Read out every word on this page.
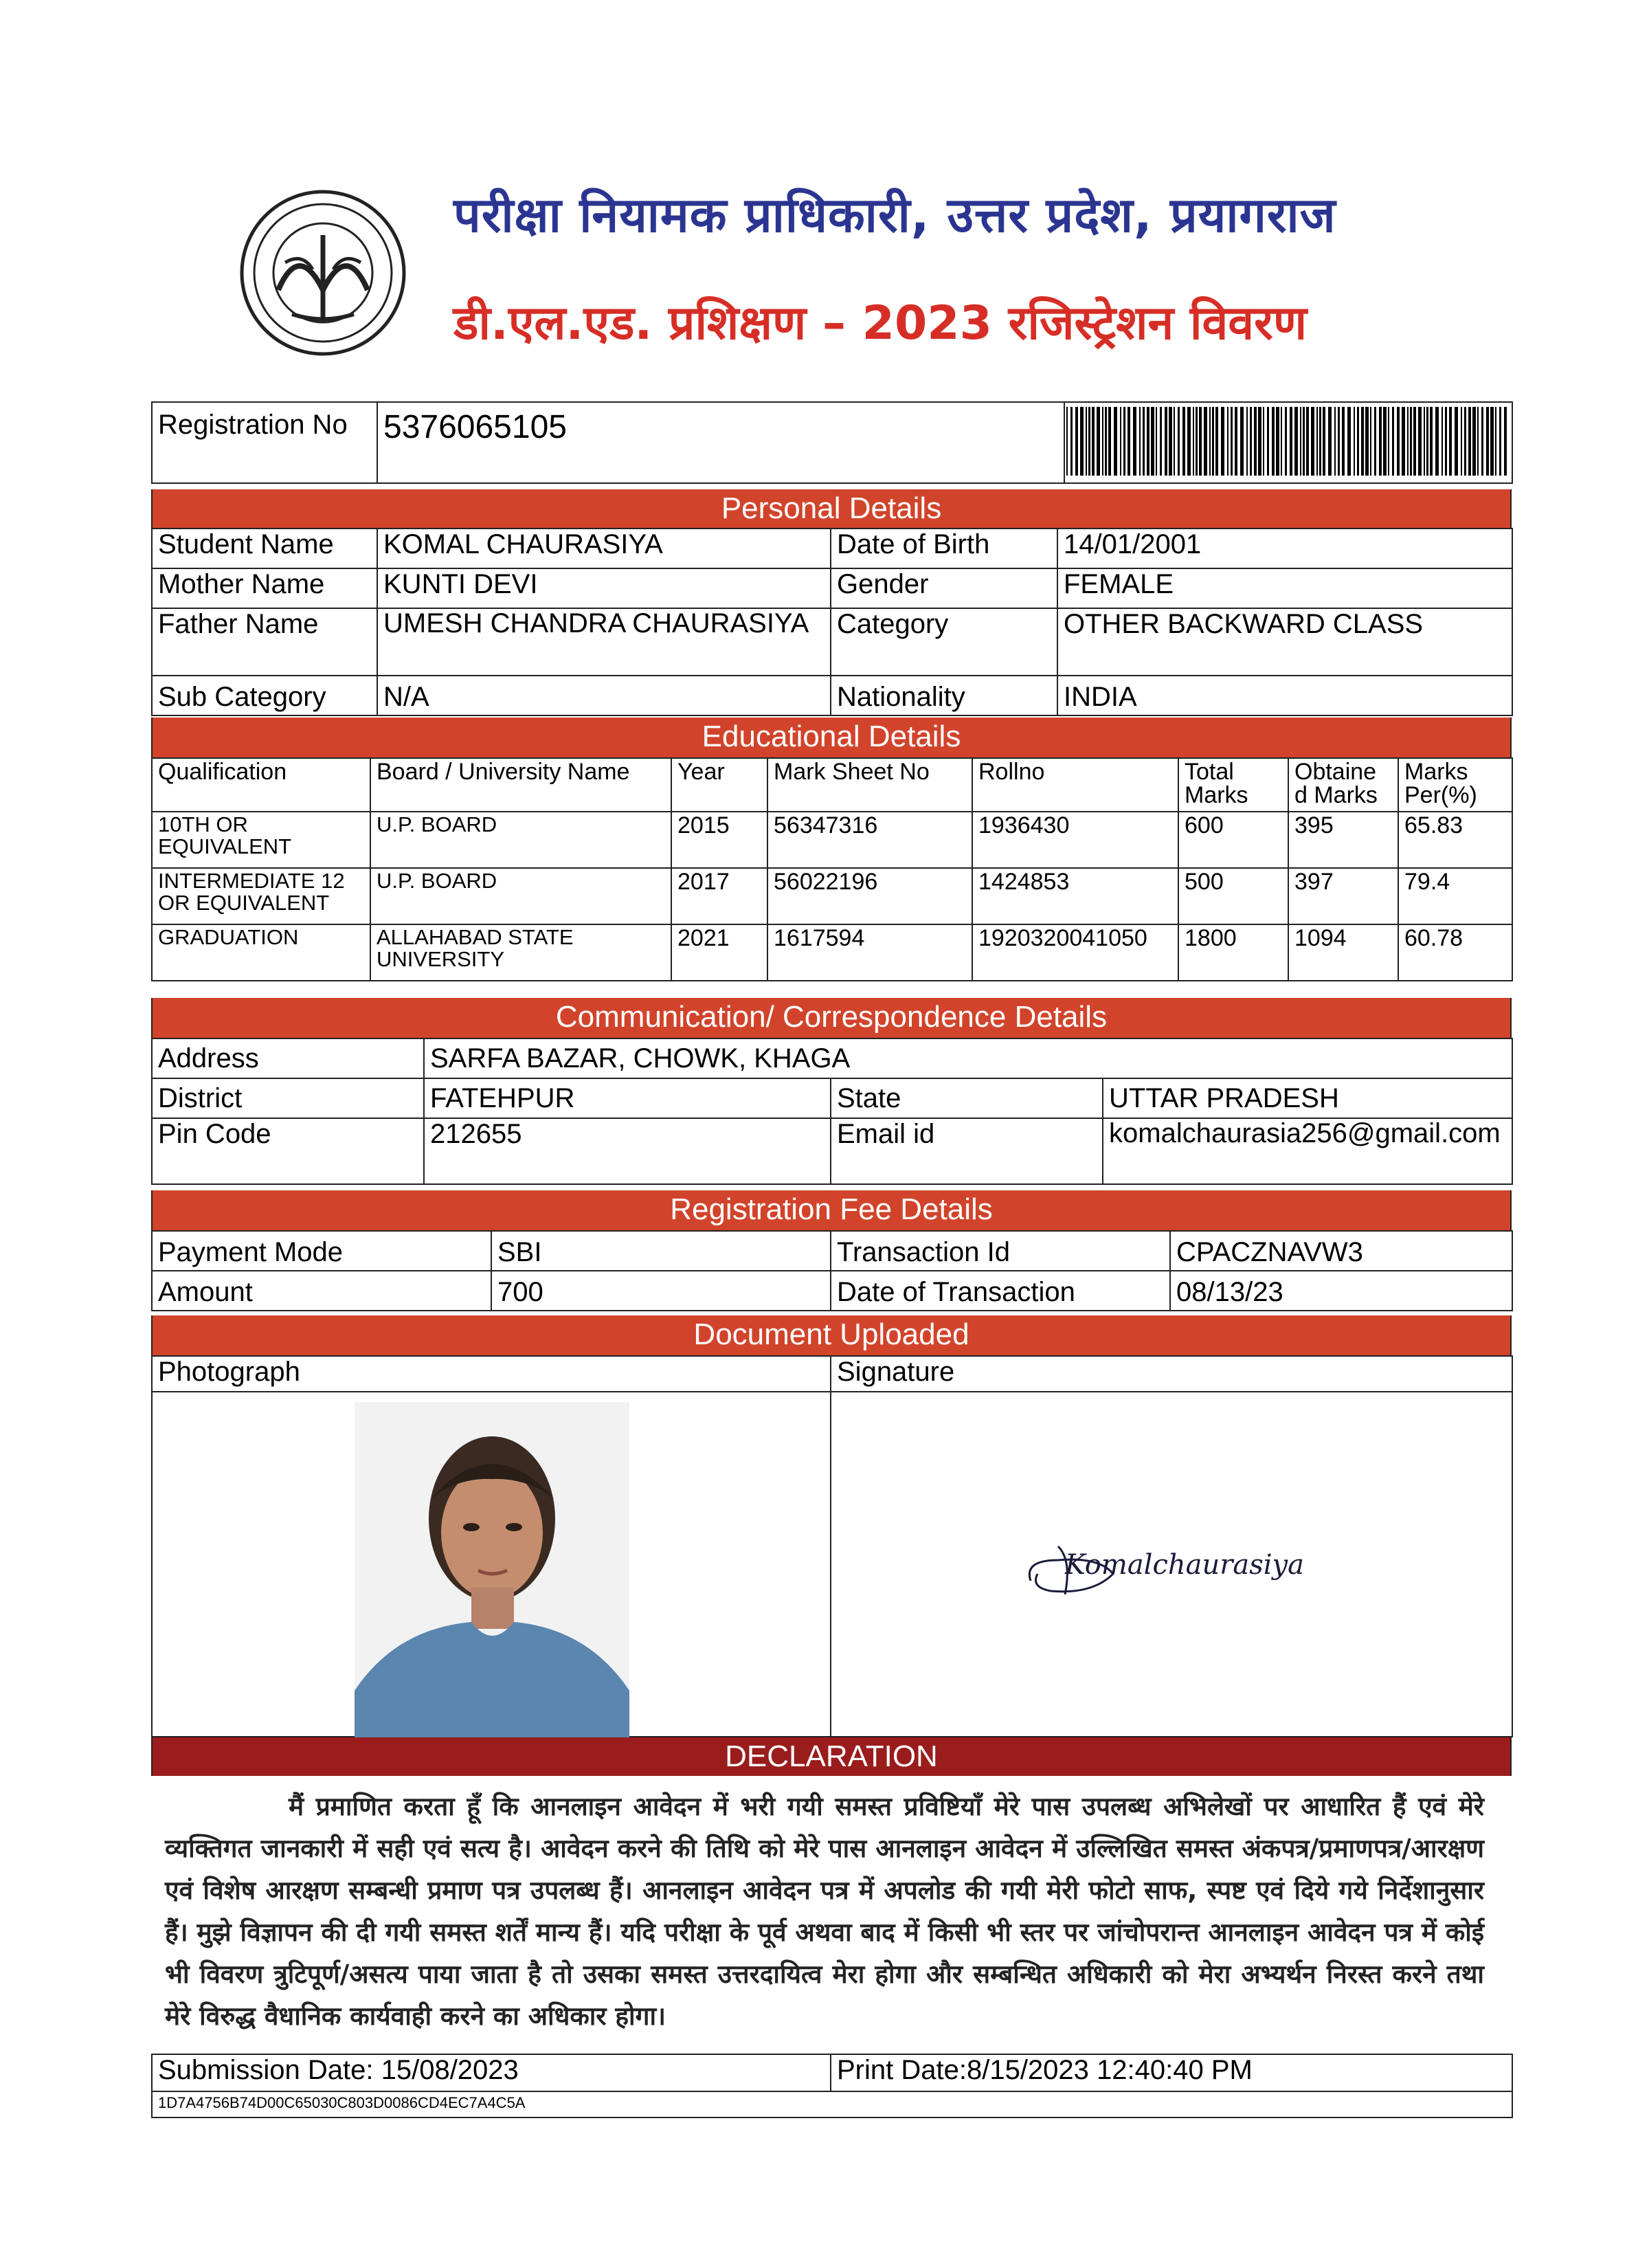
परीक्षा नियामक प्राधिकारी, उत्तर प्रदेश, प्रयागराज
डी.एल.एड. प्रशिक्षण – 2023 रजिस्ट्रेशन विवरण
Registration No	5376065105	
Personal Details
Student Name	KOMAL CHAURASIYA	Date of Birth	14/01/2001
Mother Name	KUNTI DEVI	Gender	FEMALE
Father Name	UMESH CHANDRA CHAURASIYA	Category	OTHER BACKWARD CLASS
Sub Category	N/A	Nationality	INDIA
Educational Details
Qualification	Board / University Name	Year	Mark Sheet No	Rollno	Total Marks	Obtaine d Marks	Marks Per(%)
10TH OR EQUIVALENT	U.P. BOARD	2015	56347316	1936430	600	395	65.83
INTERMEDIATE 12 OR EQUIVALENT	U.P. BOARD	2017	56022196	1424853	500	397	79.4
GRADUATION	ALLAHABAD STATE UNIVERSITY	2021	1617594	1920320041050	1800	1094	60.78
Communication/ Correspondence Details
Address	SARFA BAZAR, CHOWK, KHAGA		
District	FATEHPUR	State	UTTAR PRADESH
Pin Code	212655	Email id	komalchaurasia256@gmail.com
Registration Fee Details
Payment Mode	SBI	Transaction Id	CPACZNAVW3
Amount	700	Date of Transaction	08/13/23
Document Uploaded
Photograph	Signature

Komalchaurasiya
DECLARATION

मैं प्रमाणित करता हूँ कि आनलाइन आवेदन में भरी गयी समस्त प्रविष्टियाँ मेरे पास उपलब्ध अभिलेखों पर आधारित हैं एवं मेरे व्यक्तिगत जानकारी में सही एवं सत्य है। आवेदन करने की तिथि को मेरे पास आनलाइन आवेदन में उल्लिखित समस्त अंकपत्र/प्रमाणपत्र/आरक्षण एवं विशेष आरक्षण सम्बन्धी प्रमाण पत्र उपलब्ध हैं। आनलाइन आवेदन पत्र में अपलोड की गयी मेरी फोटो साफ, स्पष्ट एवं दिये गये निर्देशानुसार हैं। मुझे विज्ञापन की दी गयी समस्त शर्तें मान्य हैं। यदि परीक्षा के पूर्व अथवा बाद में किसी भी स्तर पर जांचोपरान्त आनलाइन आवेदन पत्र में कोई भी विवरण त्रुटिपूर्ण/असत्य पाया जाता है तो उसका समस्त उत्तरदायित्व मेरा होगा और सम्बन्धित अधिकारी को मेरा अभ्यर्थन निरस्त करने तथा मेरे विरुद्ध वैधानिक कार्यवाही करने का अधिकार होगा।

Submission Date: 15/08/2023	Print Date:8/15/2023 12:40:40 PM
1D7A4756B74D00C65030C803D0086CD4EC7A4C5A
